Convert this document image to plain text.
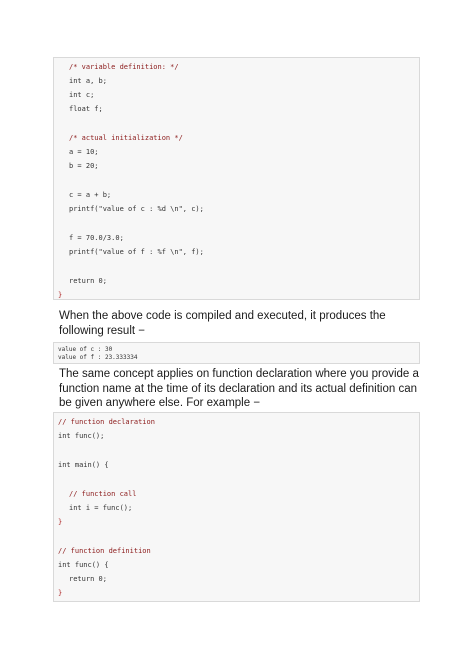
/* variable definition: */
int a, b;
int c;
float f;
/* actual initialization */
a = 10;
b = 20;
c = a + b;
printf("value of c : %d \n", c);
f = 70.0/3.0;
printf("value of f : %f \n", f);
return 0;
}
When the above code is compiled and executed, it produces the following result −
value of c : 30
value of f : 23.333334
The same concept applies on function declaration where you provide a function name at the time of its declaration and its actual definition can be given anywhere else. For example −
// function declaration
int func();
int main() {
// function call
int i = func();
}
// function definition
int func() {
return 0;
}
